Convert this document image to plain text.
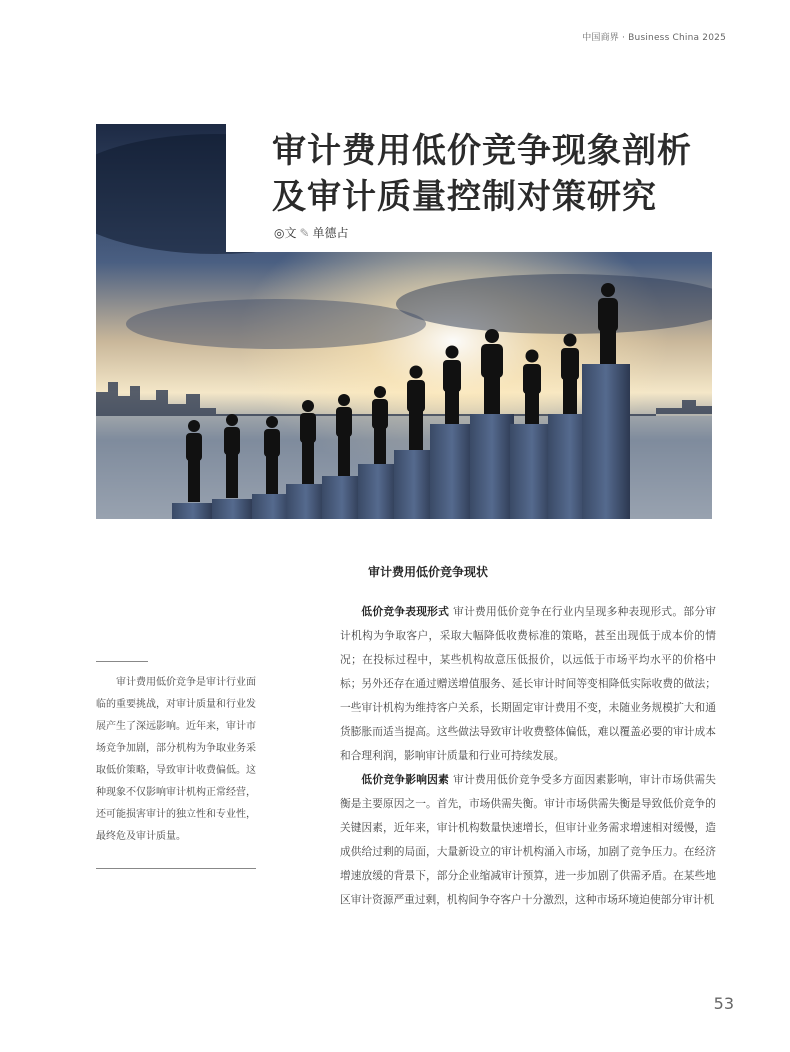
中国商界 · Business China 2025
审计费用低价竞争现象剖析及审计质量控制对策研究
◎文 ✎ 单德占
审计费用低价竞争现状

审计费用低价竞争是审计行业面临的重要挑战，对审计质量和行业发展产生了深远影响。近年来，审计市场竞争加剧，部分机构为争取业务采取低价策略，导致审计收费偏低。这种现象不仅影响审计机构正常经营，还可能损害审计的独立性和专业性，最终危及审计质量。

低价竞争表现形式 审计费用低价竞争在行业内呈现多种表现形式。部分审计机构为争取客户，采取大幅降低收费标准的策略，甚至出现低于成本价的情况；在投标过程中，某些机构故意压低报价，以远低于市场平均水平的价格中标；另外还存在通过赠送增值服务、延长审计时间等变相降低实际收费的做法；一些审计机构为维持客户关系，长期固定审计费用不变，未随业务规模扩大和通货膨胀而适当提高。这些做法导致审计收费整体偏低，难以覆盖必要的审计成本和合理利润，影响审计质量和行业可持续发展。

低价竞争影响因素 审计费用低价竞争受多方面因素影响，审计市场供需失衡是主要原因之一。首先，市场供需失衡。审计市场供需失衡是导致低价竞争的关键因素，近年来，审计机构数量快速增长，但审计业务需求增速相对缓慢，造成供给过剩的局面，大量新设立的审计机构涌入市场，加剧了竞争压力。在经济增速放缓的背景下，部分企业缩减审计预算，进一步加剧了供需矛盾。在某些地区审计资源严重过剩，机构间争夺客户十分激烈，这种市场环境迫使部分审计机

53
